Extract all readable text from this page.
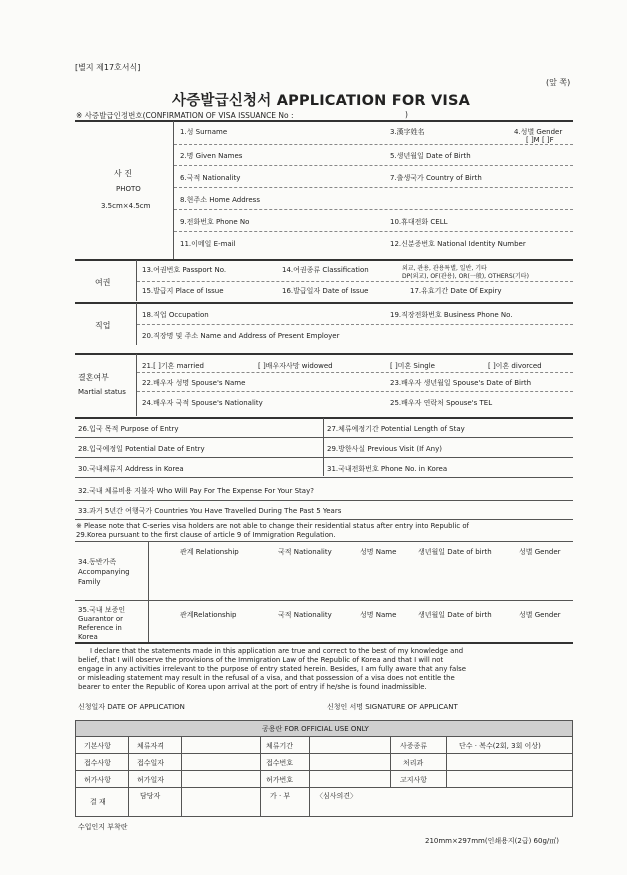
[별지 제17호서식]
(앞 쪽)
사증발급신청서 APPLICATION FOR VISA
※ 사증발급인정번호(CONFIRMATION OF VISA ISSUANCE No :	)
사 진
PHOTO
3.5cm×4.5cm
1.성 Surname	3.漢字姓名	4.성별 Gender
[ ]M [ ]F
2.명 Given Names	5.생년월일 Date of Birth
6.국적 Nationality	7.출생국가 Country of Birth
8.현주소 Home Address
9.전화번호 Phone No	10.휴대전화 CELL
11.이메일 E-mail	12.신분증번호 National Identity Number
여권
13.여권번호 Passport No.	14.여권종류 Classification	외교, 관용, 관용특별, 일반, 기타
DP(외교), OF(관용), OR(一般), OTHERS(기타)
15.발급지 Place of Issue	16.발급일자 Date of Issue	17.유효기간 Date Of Expiry
직업
18.직업 Occupation	19.직장전화번호 Business Phone No.
20.직장명 및 주소 Name and Address of Present Employer
결혼여부
Martial status
21.[ ]기혼 married	[ ]배우자사망 widowed	[ ]미혼 Single	[ ]이혼 divorced
22.배우자 성명 Spouse's Name	23.배우자 생년월일 Spouse's Date of Birth
24.배우자 국적 Spouse's Nationality	25.배우자 연락처 Spouse's TEL
26.입국 목적 Purpose of Entry	27.체류예정기간 Potential Length of Stay
28.입국예정일 Potential Date of Entry	29.방한사실 Previous Visit (If Any)
30.국내체류지 Address in Korea	31.국내전화번호 Phone No. in Korea
32.국내 체류비용 지불자 Who Will Pay For The Expense For Your Stay?
33.과거 5년간 여행국가 Countries You Have Travelled During The Past 5 Years
※ Please note that C-series visa holders are not able to change their residential status after entry into Republic of
29.Korea pursuant to the first clause of article 9 of Immigration Regulation.
34.동반가족
Accompanying
Family
관계 Relationship	국적 Nationality	성명 Name	생년월일 Date of birth	성별 Gender
35.국내 보증인
Guarantor or
Reference in
Korea
관계Relationship	국적 Nationality	성명 Name	생년월일 Date of birth	성별 Gender
I declare that the statements made in this application are true and correct to the best of my knowledge and
belief, that I will observe the provisions of the Immigration Law of the Republic of Korea and that I will not
engage in any activities irrelevant to the purpose of entry stated herein. Besides, I am fully aware that any false
or misleading statement may result in the refusal of a visa, and that possession of a visa does not entitle the
bearer to enter the Republic of Korea upon arrival at the port of entry if he/she is found inadmissible.
신청일자 DATE OF APPLICATION	신청인 서명 SIGNATURE OF APPLICANT
공용란 FOR OFFICIAL USE ONLY
기본사항	체류자격	체류기간	사증종류	단수 · 복수(2회, 3회 이상)
접수사항	접수일자	접수번호	처리과
허가사항	허가일자	허가번호	고지사항
결 재
담당자	가 · 부	〈심사의견〉
수입인지 부착란
210mm×297mm(인쇄용지(2급) 60g/㎡)
